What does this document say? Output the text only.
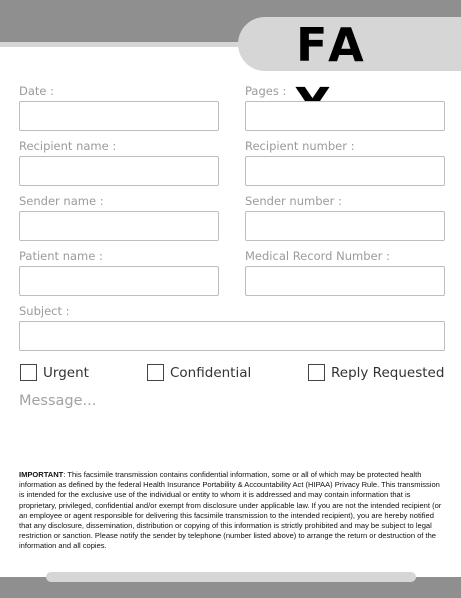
FA
Date :	Pages :
Recipient name :	Recipient number :
Sender name :	Sender number :
Patient name :	Medical Record Number :
Subject :
Urgent	Confidential	Reply Requested
Message...
IMPORTANT: This facsimile transmission contains confidential information, some or all of which may be protected health information as defined by the federal Health Insurance Portability & Accountability Act (HIPAA) Privacy Rule. This transmission is intended for the exclusive use of the individual or entity to whom it is addressed and may contain information that is proprietary, privileged, confidential and/or exempt from disclosure under applicable law. If you are not the intended recipient (or an employee or agent responsible for delivering this facsimile transmission to the intended recipient), you are hereby notified that any disclosure, dissemination, distribution or copying of this information is strictly prohibited and may be subject to legal restriction or sanction. Please notify the sender by telephone (number listed above) to arrange the return or destruction of the information and all copies.
